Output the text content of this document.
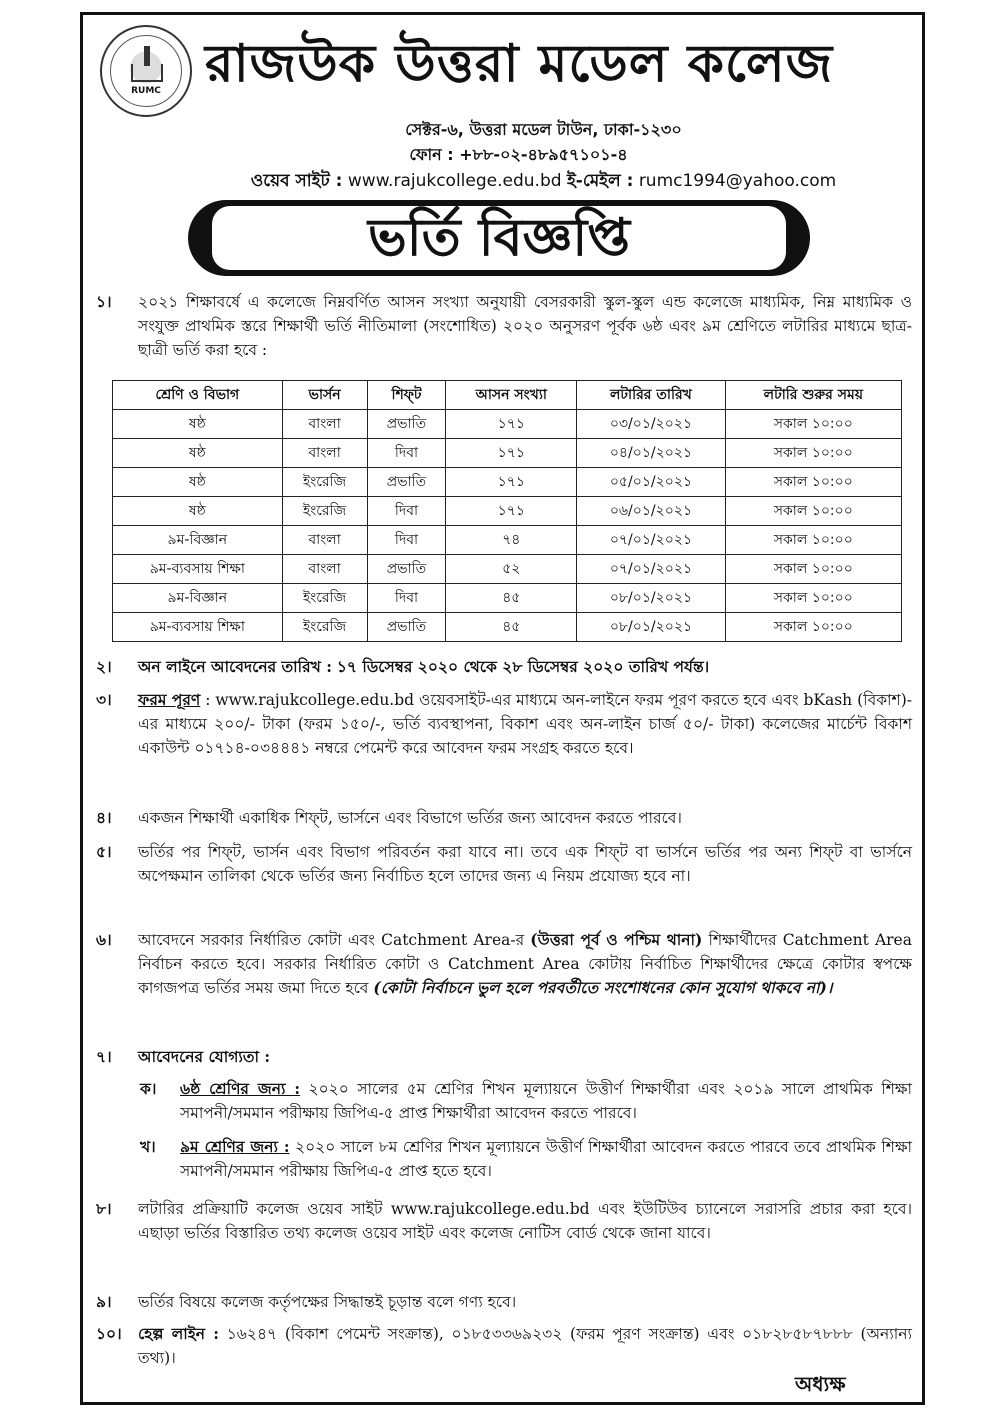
RUMC রাজউক উত্তরা মডেল কলেজ
সেক্টর-৬, উত্তরা মডেল টাউন, ঢাকা-১২৩০
ফোন : +৮৮-০২-৪৮৯৫৭১০১-৪
ওয়েব সাইট : www.rajukcollege.edu.bd ই-মেইল : rumc1994@yahoo.com
ভর্তি বিজ্ঞপ্তি
১।	২০২১ শিক্ষাবর্ষে এ কলেজে নিম্নবর্ণিত আসন সংখ্যা অনুযায়ী বেসরকারী স্কুল-স্কুল এন্ড কলেজে মাধ্যমিক, নিম্ন মাধ্যমিক ও সংযুক্ত প্রাথমিক স্তরে শিক্ষার্থী ভর্তি নীতিমালা (সংশোধিত) ২০২০ অনুসরণ পূর্বক ৬ষ্ঠ এবং ৯ম শ্রেণিতে লটারির মাধ্যমে ছাত্র-ছাত্রী ভর্তি করা হবে :
শ্রেণি ও বিভাগ	ভার্সন	শিফ্‌ট	আসন সংখ্যা	লটারির তারিখ	লটারি শুরুর সময়
ষষ্ঠ	বাংলা	প্রভাতি	১৭১	০৩/০১/২০২১	সকাল ১০:০০
ষষ্ঠ	বাংলা	দিবা	১৭১	০৪/০১/২০২১	সকাল ১০:০০
ষষ্ঠ	ইংরেজি	প্রভাতি	১৭১	০৫/০১/২০২১	সকাল ১০:০০
ষষ্ঠ	ইংরেজি	দিবা	১৭১	০৬/০১/২০২১	সকাল ১০:০০
৯ম-বিজ্ঞান	বাংলা	দিবা	৭৪	০৭/০১/২০২১	সকাল ১০:০০
৯ম-ব্যবসায় শিক্ষা	বাংলা	প্রভাতি	৫২	০৭/০১/২০২১	সকাল ১০:০০
৯ম-বিজ্ঞান	ইংরেজি	দিবা	৪৫	০৮/০১/২০২১	সকাল ১০:০০
৯ম-ব্যবসায় শিক্ষা	ইংরেজি	প্রভাতি	৪৫	০৮/০১/২০২১	সকাল ১০:০০
২।	অন লাইনে আবেদনের তারিখ : ১৭ ডিসেম্বর ২০২০ থেকে ২৮ ডিসেম্বর ২০২০ তারিখ পর্যন্ত।
৩।	ফরম পূরণ : www.rajukcollege.edu.bd ওয়েবসাইট-এর মাধ্যমে অন-লাইনে ফরম পূরণ করতে হবে এবং bKash (বিকাশ)-এর মাধ্যমে ২০০/- টাকা (ফরম ১৫০/-, ভর্তি ব্যবস্থাপনা, বিকাশ এবং অন-লাইন চার্জ ৫০/- টাকা) কলেজের মার্চেন্ট বিকাশ একাউন্ট ০১৭১৪-০৩৪৪৪১ নম্বরে পেমেন্ট করে আবেদন ফরম সংগ্রহ করতে হবে।
৪।	একজন শিক্ষার্থী একাধিক শিফ্‌ট, ভার্সনে এবং বিভাগে ভর্তির জন্য আবেদন করতে পারবে।
৫।	ভর্তির পর শিফ্‌ট, ভার্সন এবং বিভাগ পরিবর্তন করা যাবে না। তবে এক শিফ্‌ট বা ভার্সনে ভর্তির পর অন্য শিফ্‌ট বা ভার্সনে অপেক্ষমান তালিকা থেকে ভর্তির জন্য নির্বাচিত হলে তাদের জন্য এ নিয়ম প্রযোজ্য হবে না।
৬।	আবেদনে সরকার নির্ধারিত কোটা এবং Catchment Area-র (উত্তরা পূর্ব ও পশ্চিম থানা) শিক্ষার্থীদের Catchment Area নির্বাচন করতে হবে। সরকার নির্ধারিত কোটা ও Catchment Area কোটায় নির্বাচিত শিক্ষার্থীদের ক্ষেত্রে কোটার স্বপক্ষে কাগজপত্র ভর্তির সময় জমা দিতে হবে (কোটা নির্বাচনে ভুল হলে পরবর্তীতে সংশোধনের কোন সুযোগ থাকবে না)।
৭।	আবেদনের যোগ্যতা :
ক। ৬ষ্ঠ শ্রেণির জন্য : ২০২০ সালের ৫ম শ্রেণির শিখন মূল্যায়নে উত্তীর্ণ শিক্ষার্থীরা এবং ২০১৯ সালে প্রাথমিক শিক্ষা সমাপনী/সমমান পরীক্ষায় জিপিএ-৫ প্রাপ্ত শিক্ষার্থীরা আবেদন করতে পারবে।
খ। ৯ম শ্রেণির জন্য : ২০২০ সালে ৮ম শ্রেণির শিখন মূল্যায়নে উত্তীর্ণ শিক্ষার্থীরা আবেদন করতে পারবে তবে প্রাথমিক শিক্ষা সমাপনী/সমমান পরীক্ষায় জিপিএ-৫ প্রাপ্ত হতে হবে।
৮।	লটারির প্রক্রিয়াটি কলেজ ওয়েব সাইট www.rajukcollege.edu.bd এবং ইউটিউব চ্যানেলে সরাসরি প্রচার করা হবে। এছাড়া ভর্তির বিস্তারিত তথ্য কলেজ ওয়েব সাইট এবং কলেজ নোটিস বোর্ড থেকে জানা যাবে।
৯।	ভর্তির বিষয়ে কলেজ কর্তৃপক্ষের সিদ্ধান্তই চূড়ান্ত বলে গণ্য হবে।
১০।	হেল্প লাইন : ১৬২৪৭ (বিকাশ পেমেন্ট সংক্রান্ত), ০১৮৫৩৩৬৯২৩২ (ফরম পূরণ সংক্রান্ত) এবং ০১৮২৮৫৮৭৮৮৮ (অন্যান্য তথ্য)।
অধ্যক্ষ
